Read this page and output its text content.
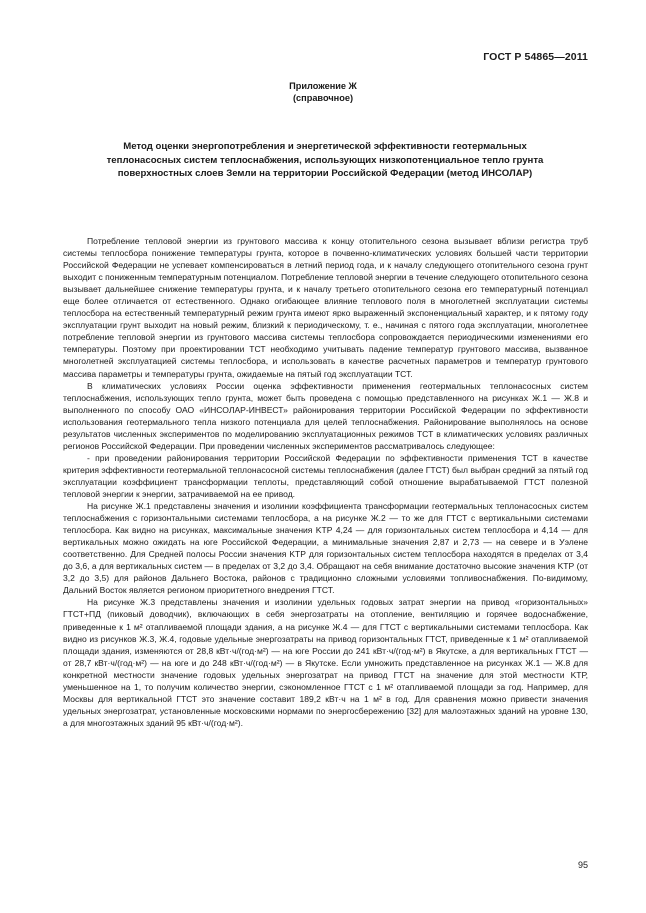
ГОСТ Р 54865—2011
Приложение Ж
(справочное)
Метод оценки энергопотребления и энергетической эффективности геотермальных теплонасосных систем теплоснабжения, использующих низкопотенциальное тепло грунта поверхностных слоев Земли на территории Российской Федерации (метод ИНСОЛАР)

Потребление тепловой энергии из грунтового массива к концу отопительного сезона вызывает вблизи регистра труб системы теплосбора понижение температуры грунта, которое в почвенно-климатических условиях большей части территории Российской Федерации не успевает компенсироваться в летний период года, и к началу следующего отопительного сезона грунт выходит с пониженным температурным потенциалом. Потребление тепловой энергии в течение следующего отопительного сезона вызывает дальнейшее снижение температуры грунта, и к началу третьего отопительного сезона его температурный потенциал еще более отличается от естественного. Однако огибающее влияние теплового поля в многолетней эксплуатации системы теплосбора на естественный температурный режим грунта имеют ярко выраженный экспоненциальный характер, и к пятому году эксплуатации грунт выходит на новый режим, близкий к периодическому, т. е., начиная с пятого года эксплуатации, многолетнее потребление тепловой энергии из грунтового массива системы теплосбора сопровождается периодическими изменениями его температуры. Поэтому при проектировании ТСТ необходимо учитывать падение температур грунтового массива, вызванное многолетней эксплуатацией системы теплосбора, и использовать в качестве расчетных параметров и температур грунтового массива параметры и температуры грунта, ожидаемые на пятый год эксплуатации ТСТ.

В климатических условиях России оценка эффективности применения геотермальных теплонасосных систем теплоснабжения, использующих тепло грунта, может быть проведена с помощью представленного на рисунках Ж.1 — Ж.8 и выполненного по способу ОАО «ИНСОЛАР-ИНВЕСТ» районирования территории Российской Федерации по эффективности использования геотермального тепла низкого потенциала для целей теплоснабжения. Районирование выполнялось на основе результатов численных экспериментов по моделированию эксплуатационных режимов ТСТ в климатических условиях различных регионов Российской Федерации. При проведении численных экспериментов рассматривалось следующее:

- при проведении районирования территории Российской Федерации по эффективности применения ТСТ в качестве критерия эффективности геотермальной теплонасосной системы теплоснабжения (далее ГТСТ) был выбран средний за пятый год эксплуатации коэффициент трансформации теплоты, представляющий собой отношение вырабатываемой ГТСТ полезной тепловой энергии к энергии, затрачиваемой на ее привод.

На рисунке Ж.1 представлены значения и изолинии коэффициента трансформации геотермальных теплонасосных систем теплоснабжения с горизонтальными системами теплосбора, а на рисунке Ж.2 — то же для ГТСТ с вертикальными системами теплосбора. Как видно на рисунках, максимальные значения KТР 4,24 — для горизонтальных систем теплосбора и 4,14 — для вертикальных можно ожидать на юге Российской Федерации, а минимальные значения 2,87 и 2,73 — на севере и в Уэлене соответственно. Для Средней полосы России значения KТР для горизонтальных систем теплосбора находятся в пределах от 3,4 до 3,6, а для вертикальных систем — в пределах от 3,2 до 3,4. Обращают на себя внимание достаточно высокие значения KТР (от 3,2 до 3,5) для районов Дальнего Востока, районов с традиционно сложными условиями топливоснабжения. По-видимому, Дальний Восток является регионом приоритетного внедрения ГТСТ.

На рисунке Ж.3 представлены значения и изолинии удельных годовых затрат энергии на привод «горизонтальных» ГТСТ+ПД (пиковый доводчик), включающих в себя энергозатраты на отопление, вентиляцию и горячее водоснабжение, приведенные к 1 м² отапливаемой площади здания, а на рисунке Ж.4 — для ГТСТ с вертикальными системами теплосбора. Как видно из рисунков Ж.3, Ж.4, годовые удельные энергозатраты на привод горизонтальных ГТСТ, приведенные к 1 м² отапливаемой площади здания, изменяются от 28,8 кВт·ч/(год·м²) — на юге России до 241 кВт·ч/(год·м²) в Якутске, а для вертикальных ГТСТ — от 28,7 кВт·ч/(год·м²) — на юге и до 248 кВт·ч/(год·м²) — в Якутске. Если умножить представленное на рисунках Ж.1 — Ж.8 для конкретной местности значение годовых удельных энергозатрат на привод ГТСТ на значение для этой местности KТР, уменьшенное на 1, то получим количество энергии, сэкономленное ГТСТ с 1 м² отапливаемой площади за год. Например, для Москвы для вертикальной ГТСТ это значение составит 189,2 кВт·ч на 1 м² в год. Для сравнения можно привести значения удельных энергозатрат, установленные московскими нормами по энергосбережению [32] для малоэтажных зданий на уровне 130, а для многоэтажных зданий 95 кВт·ч/(год·м²).

95
